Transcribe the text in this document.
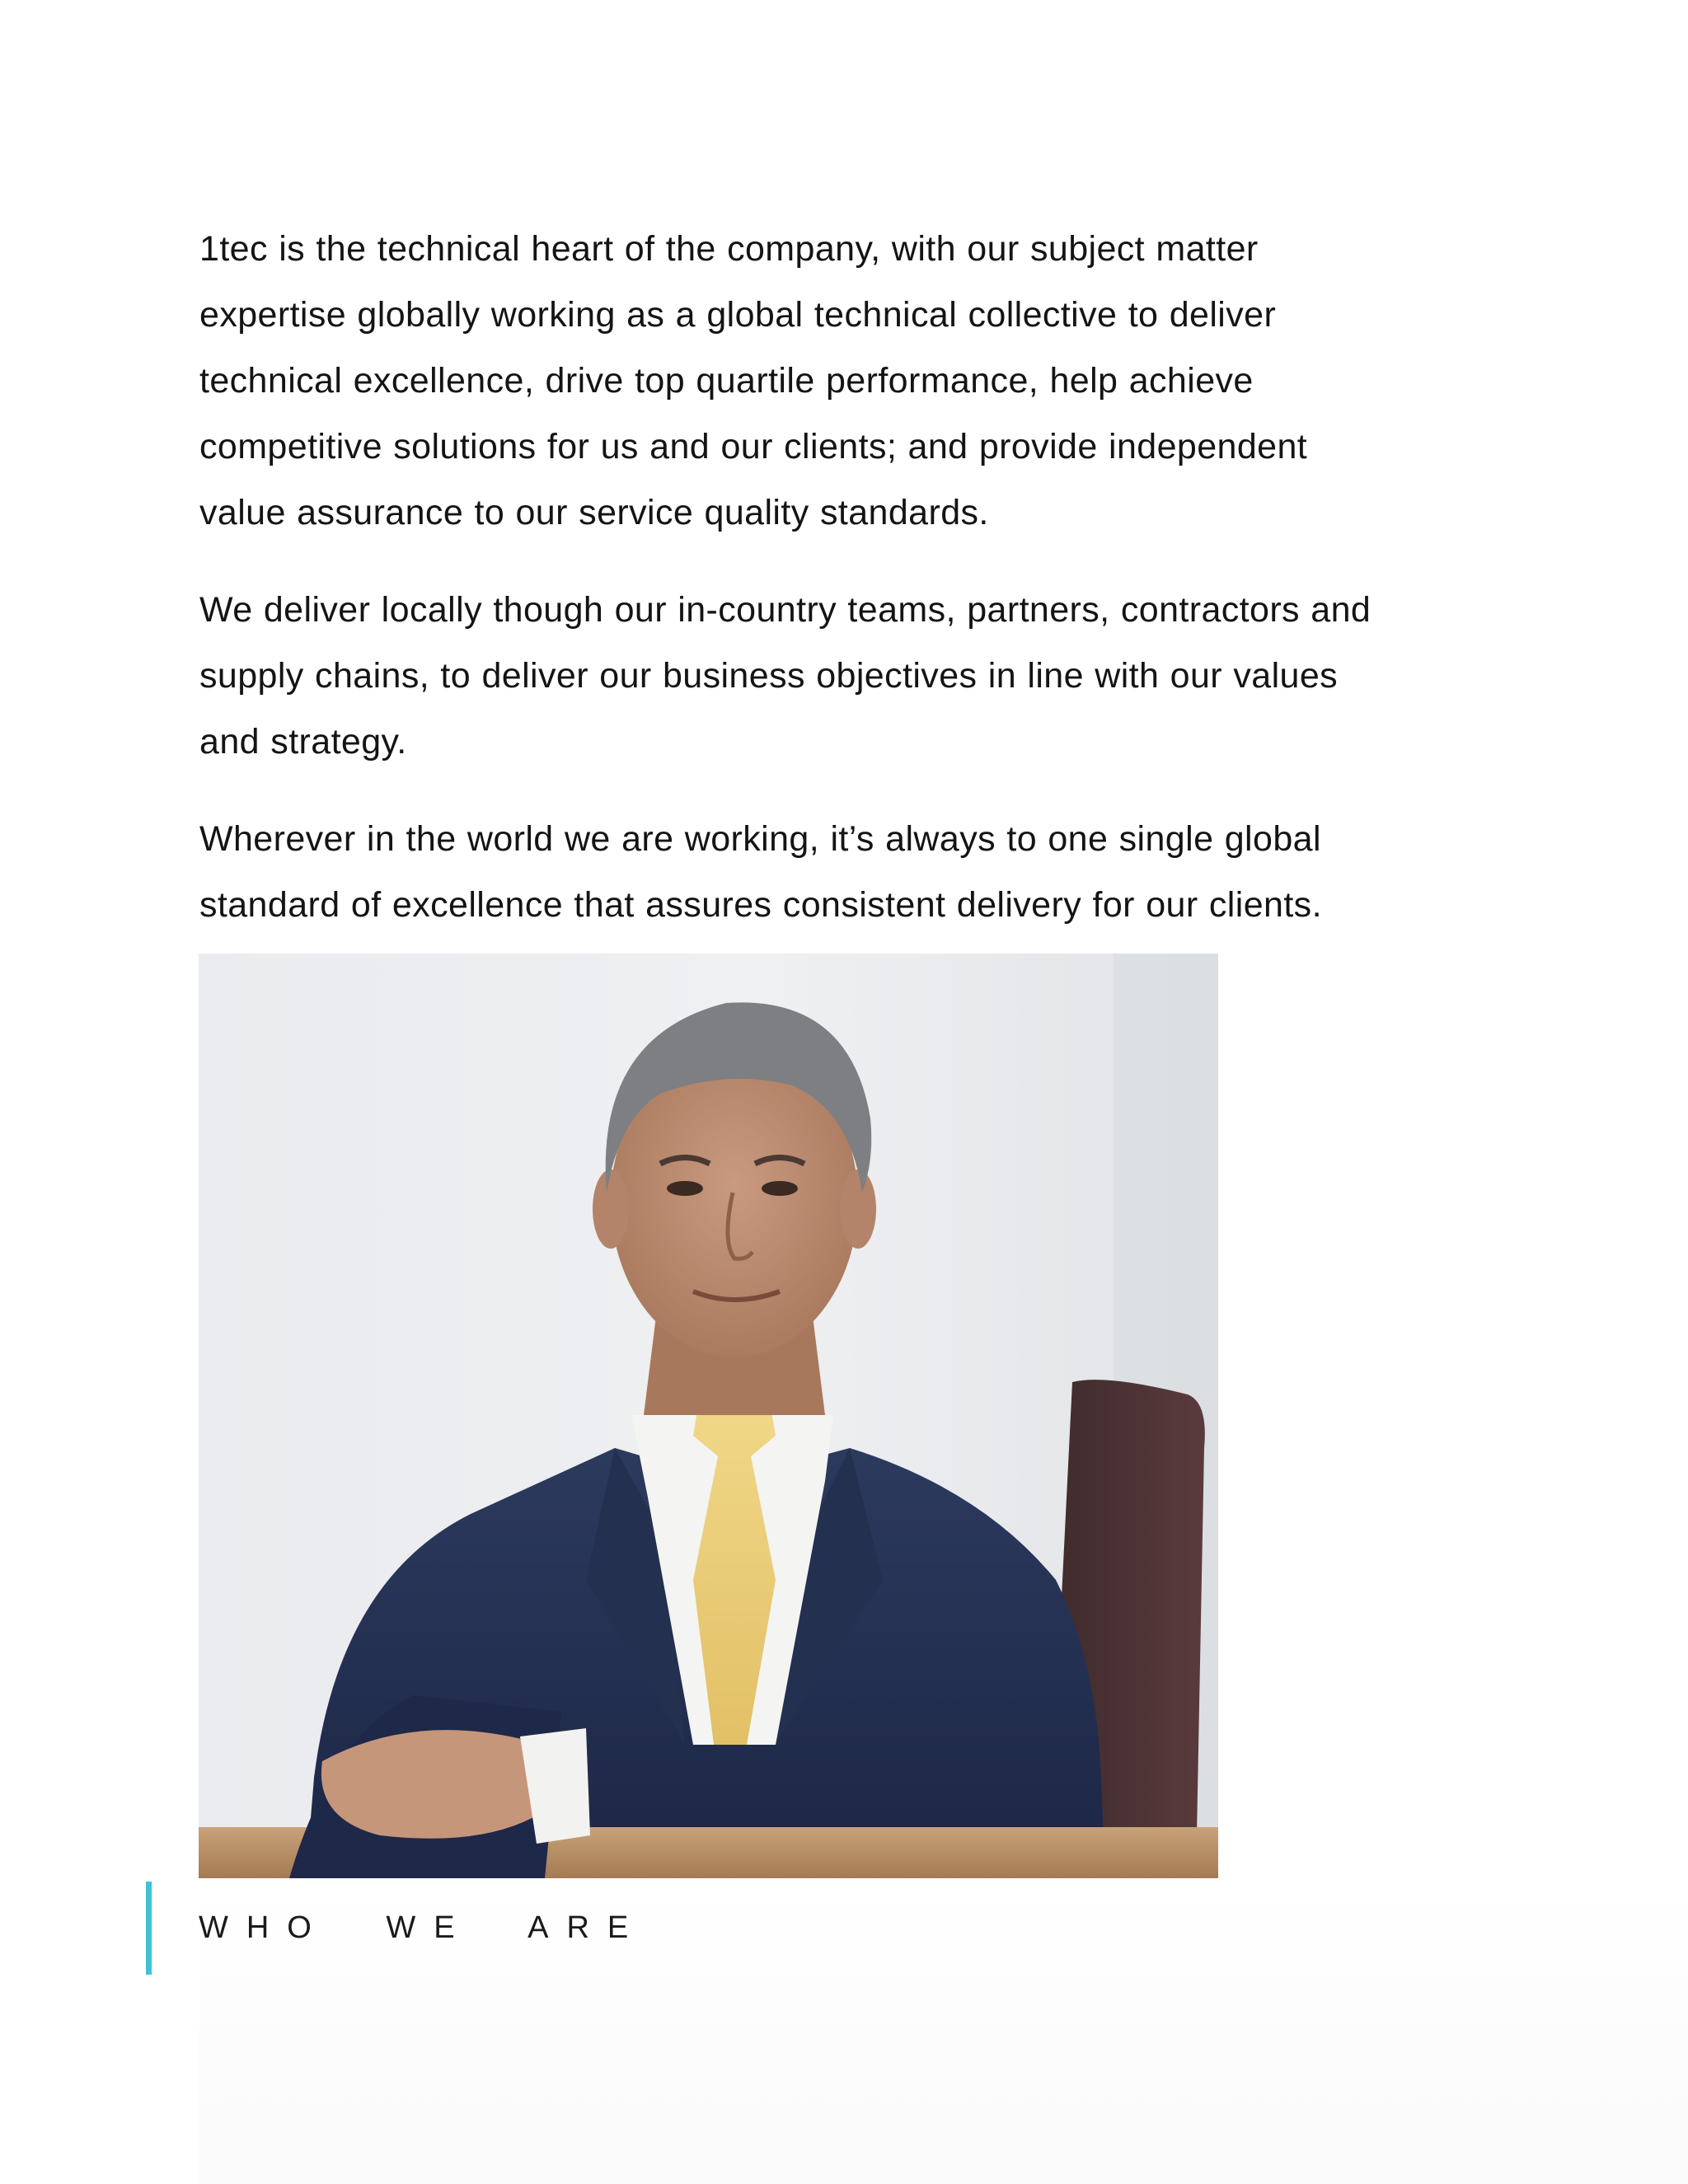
1tec is the technical heart of the company, with our subject matter
expertise globally working as a global technical collective to deliver
technical excellence, drive top quartile performance, help achieve
competitive solutions for us and our clients; and provide independent
value assurance to our service quality standards.

We deliver locally though our in-country teams, partners, contractors and
supply chains, to deliver our business objectives in line with our values
and strategy.

Wherever in the world we are working, it’s always to one single global
standard of excellence that assures consistent delivery for our clients.

WHO WE ARE
